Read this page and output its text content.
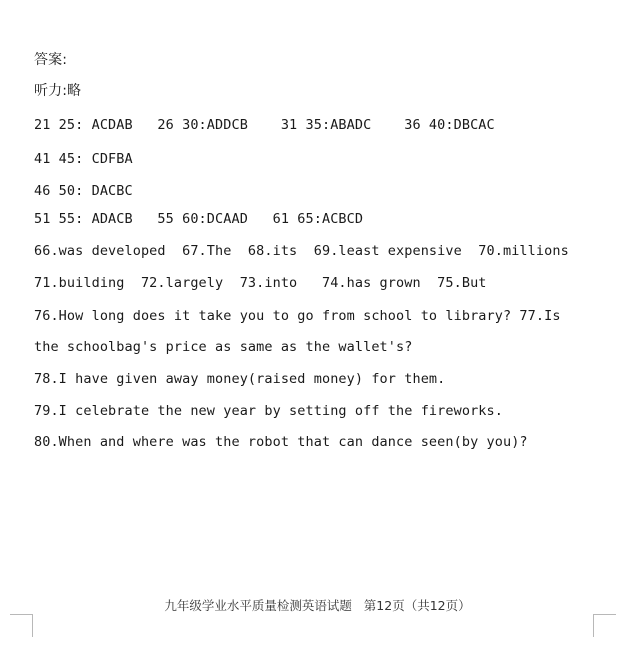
答案:
听力:略
21 25: ACDAB   26 30:ADDCB    31 35:ABADC    36 40:DBCAC
41 45: CDFBA
46 50: DACBC
51 55: ADACB   55 60:DCAAD   61 65:ACBCD
66.was developed  67.The  68.its  69.least expensive  70.millions
71.building  72.largely  73.into   74.has grown  75.But
76.How long does it take you to go from school to library? 77.Is
the schoolbag's price as same as the wallet's?
78.I have given away money(raised money) for them.
79.I celebrate the new year by setting off the fireworks.
80.When and where was the robot that can dance seen(by you)?
九年级学业水平质量检测英语试题   第12页（共12页）
